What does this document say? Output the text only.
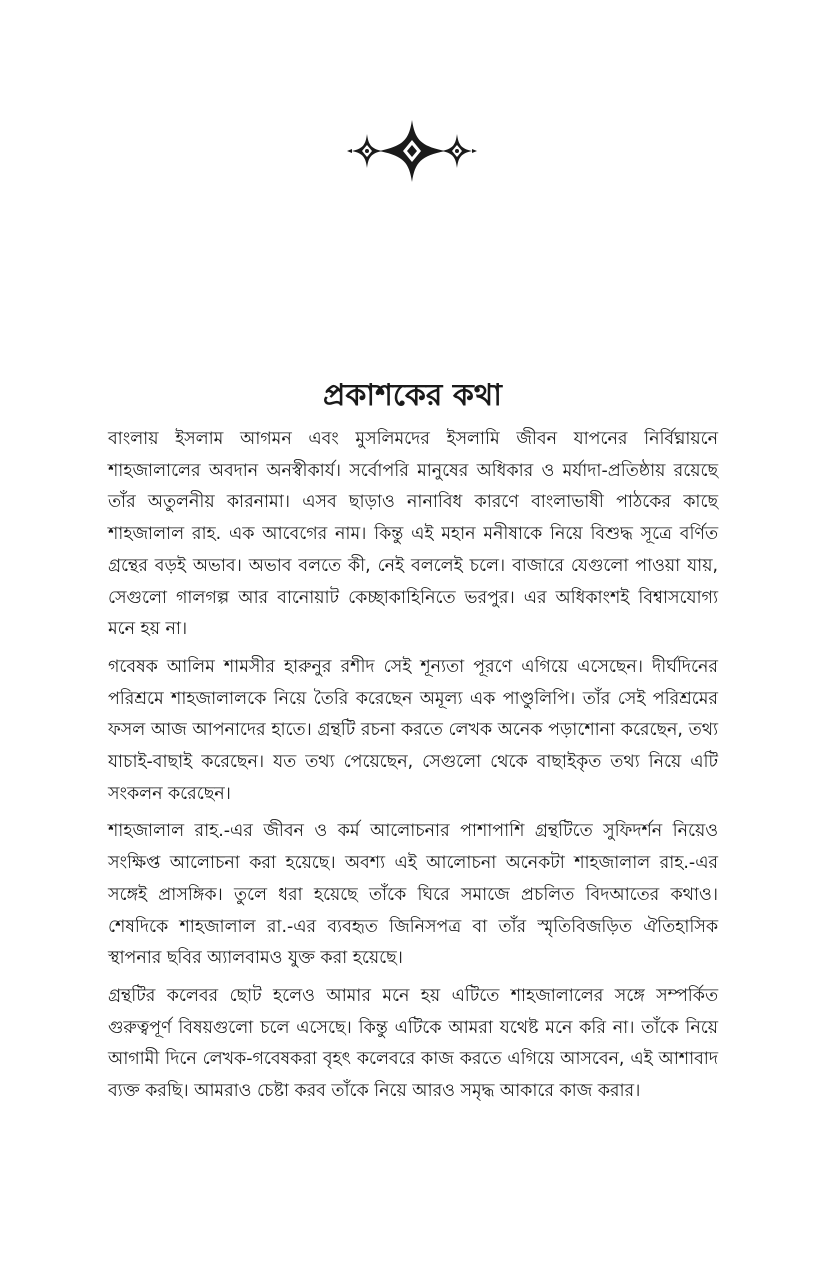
প্রকাশকের কথা

বাংলায় ইসলাম আগমন এবং মুসলিমদের ইসলামি জীবন যাপনের নির্বিঘ্নায়নে শাহজালালের অবদান অনস্বীকার্য। সর্বোপরি মানুষের অধিকার ও মর্যাদা-প্রতিষ্ঠায় রয়েছে তাঁর অতুলনীয় কারনামা। এসব ছাড়াও নানাবিধ কারণে বাংলাভাষী পাঠকের কাছে শাহজালাল রাহ. এক আবেগের নাম। কিন্তু এই মহান মনীষাকে নিয়ে বিশুদ্ধ সূত্রে বর্ণিত গ্রন্থের বড়ই অভাব। অভাব বলতে কী, নেই বললেই চলে। বাজারে যেগুলো পাওয়া যায়, সেগুলো গালগল্প আর বানোয়াট কেচ্ছাকাহিনিতে ভরপুর। এর অধিকাংশই বিশ্বাসযোগ্য মনে হয় না।

গবেষক আলিম শামসীর হারুনুর রশীদ সেই শূন্যতা পূরণে এগিয়ে এসেছেন। দীর্ঘদিনের পরিশ্রমে শাহজালালকে নিয়ে তৈরি করেছেন অমূল্য এক পাণ্ডুলিপি। তাঁর সেই পরিশ্রমের ফসল আজ আপনাদের হাতে। গ্রন্থটি রচনা করতে লেখক অনেক পড়াশোনা করেছেন, তথ্য যাচাই-বাছাই করেছেন। যত তথ্য পেয়েছেন, সেগুলো থেকে বাছাইকৃত তথ্য নিয়ে এটি সংকলন করেছেন।

শাহজালাল রাহ.-এর জীবন ও কর্ম আলোচনার পাশাপাশি গ্রন্থটিতে সুফিদর্শন নিয়েও সংক্ষিপ্ত আলোচনা করা হয়েছে। অবশ্য এই আলোচনা অনেকটা শাহজালাল রাহ.-এর সঙ্গেই প্রাসঙ্গিক। তুলে ধরা হয়েছে তাঁকে ঘিরে সমাজে প্রচলিত বিদআতের কথাও। শেষদিকে শাহজালাল রা.-এর ব্যবহৃত জিনিসপত্র বা তাঁর স্মৃতিবিজড়িত ঐতিহাসিক স্থাপনার ছবির অ্যালবামও যুক্ত করা হয়েছে।

গ্রন্থটির কলেবর ছোট হলেও আমার মনে হয় এটিতে শাহজালালের সঙ্গে সম্পর্কিত গুরুত্বপূর্ণ বিষয়গুলো চলে এসেছে। কিন্তু এটিকে আমরা যথেষ্ট মনে করি না। তাঁকে নিয়ে আগামী দিনে লেখক-গবেষকরা বৃহৎ কলেবরে কাজ করতে এগিয়ে আসবেন, এই আশাবাদ ব্যক্ত করছি। আমরাও চেষ্টা করব তাঁকে নিয়ে আরও সমৃদ্ধ আকারে কাজ করার।
